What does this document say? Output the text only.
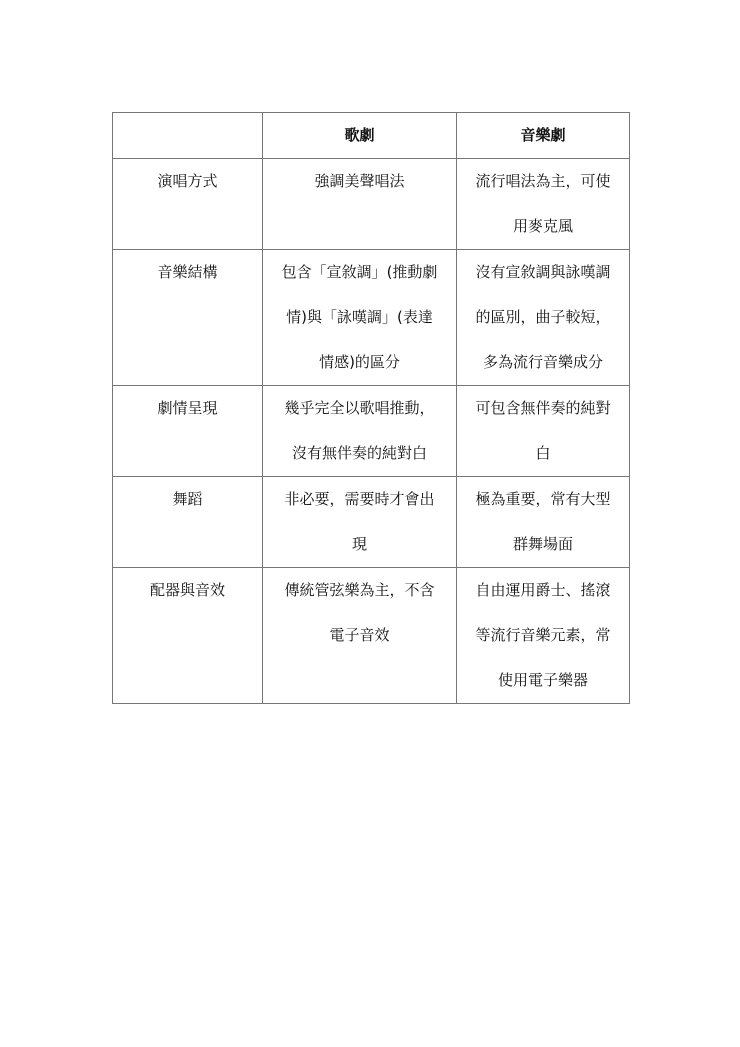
	歌劇	音樂劇
演唱方式	強調美聲唱法	流行唱法為主，可使
用麥克風

音樂結構	包含「宣敘調」(推動劇
情)與「詠嘆調」(表達
情感)的區分	沒有宣敘調與詠嘆調
的區別，曲子較短，
多為流行音樂成分

劇情呈現	幾乎完全以歌唱推動，
沒有無伴奏的純對白	可包含無伴奏的純對
白

舞蹈	非必要，需要時才會出
現	極為重要，常有大型
群舞場面

配器與音效	傳統管弦樂為主，不含
電子音效	自由運用爵士、搖滾
等流行音樂元素，常
使用電子樂器
